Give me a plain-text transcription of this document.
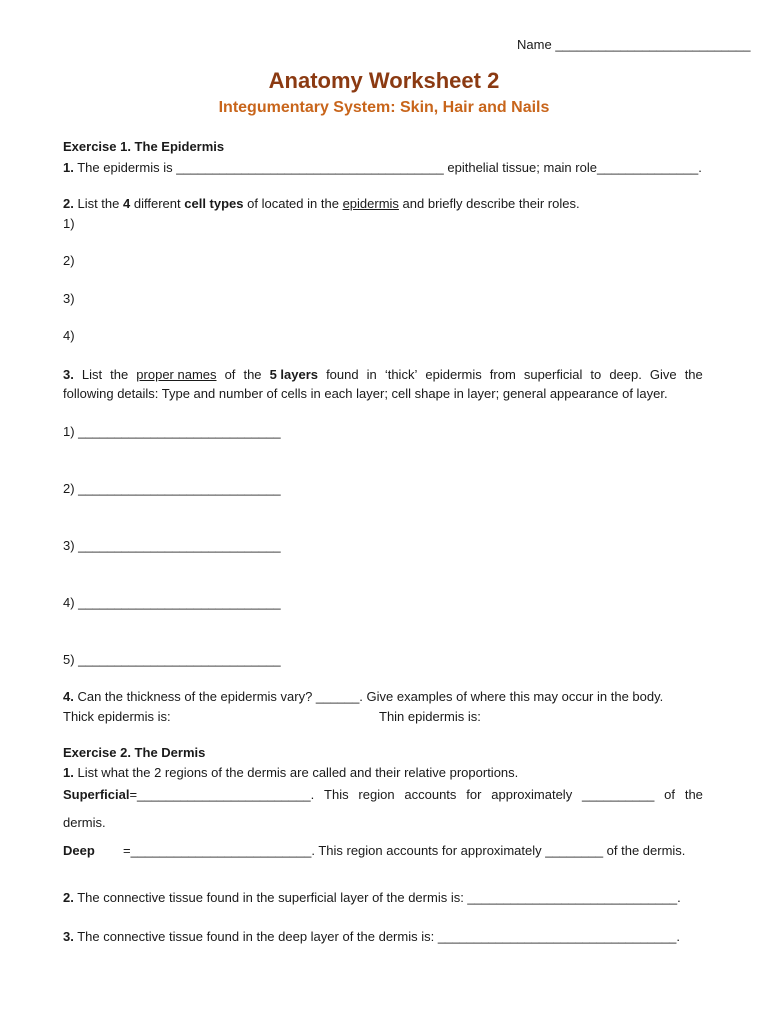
Name ___________________________
Anatomy Worksheet 2
Integumentary System: Skin, Hair and Nails
Exercise 1. The Epidermis
1. The epidermis is _____________________________________ epithelial tissue; main role______________.
2. List the 4 different cell types of located in the epidermis and briefly describe their roles.
1)
2)
3)
4)
3. List the proper names of the 5 layers found in ‘thick’ epidermis from superficial to deep. Give the
following details: Type and number of cells in each layer; cell shape in layer; general appearance of layer.
1) ____________________________
2) ____________________________
3) ____________________________
4) ____________________________
5) ____________________________
4. Can the thickness of the epidermis vary? ______. Give examples of where this may occur in the body.
Thick epidermis is:	Thin epidermis is:
Exercise 2. The Dermis
1. List what the 2 regions of the dermis are called and their relative proportions.
Superficial=________________________. This region accounts for approximately __________ of the
dermis.
Deep =_________________________. This region accounts for approximately ________ of the dermis.
2. The connective tissue found in the superficial layer of the dermis is: _____________________________.
3. The connective tissue found in the deep layer of the dermis is: _________________________________.
